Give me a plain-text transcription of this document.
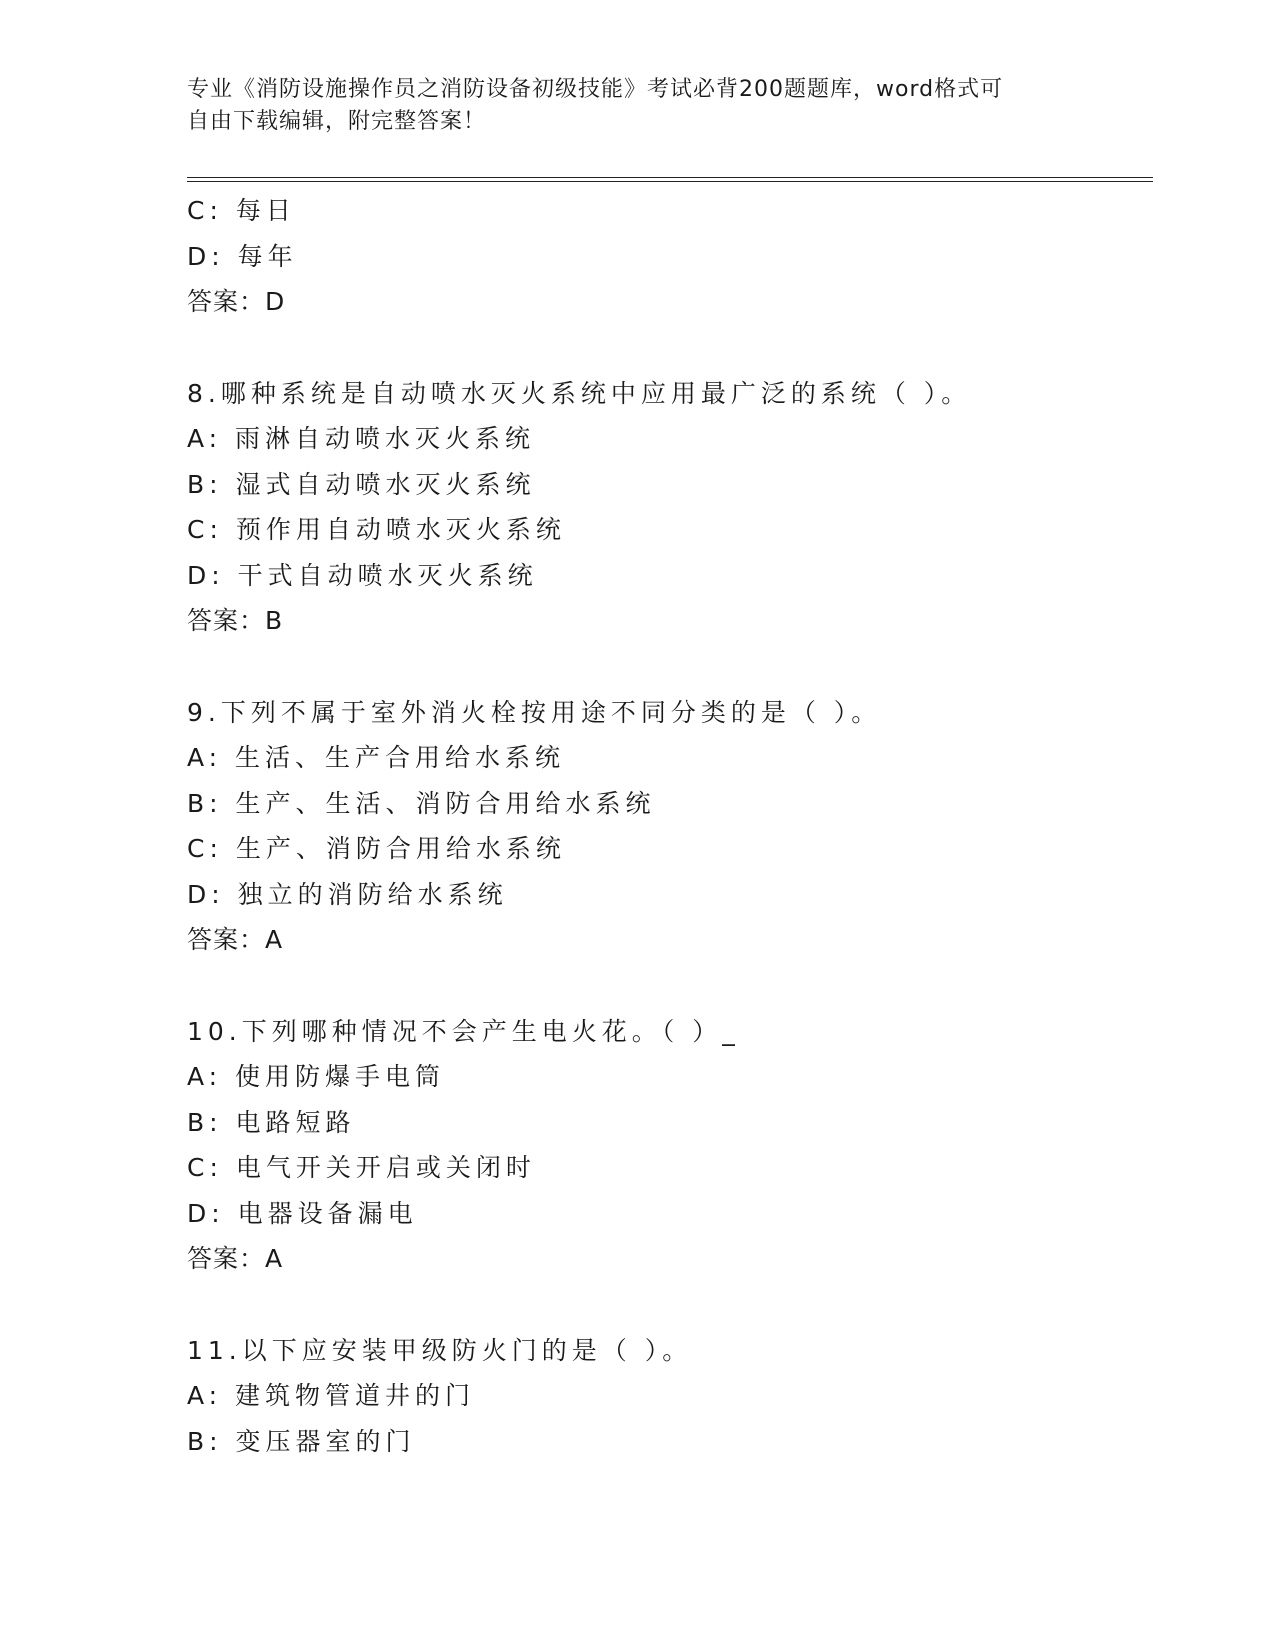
专业《消防设施操作员之消防设备初级技能》考试必背200题题库，word格式可
自由下载编辑，附完整答案！
C: 每日
D: 每年
答案：D
8.哪种系统是自动喷水灭火系统中应用最广泛的系统（ ）。
A: 雨淋自动喷水灭火系统
B: 湿式自动喷水灭火系统
C: 预作用自动喷水灭火系统
D: 干式自动喷水灭火系统
答案：B
9.下列不属于室外消火栓按用途不同分类的是（ ）。
A: 生活、生产合用给水系统
B: 生产、生活、消防合用给水系统
C: 生产、消防合用给水系统
D: 独立的消防给水系统
答案：A
10.下列哪种情况不会产生电火花。（ ）_
A: 使用防爆手电筒
B: 电路短路
C: 电气开关开启或关闭时
D: 电器设备漏电
答案：A
11.以下应安装甲级防火门的是（ ）。
A: 建筑物管道井的门
B: 变压器室的门
